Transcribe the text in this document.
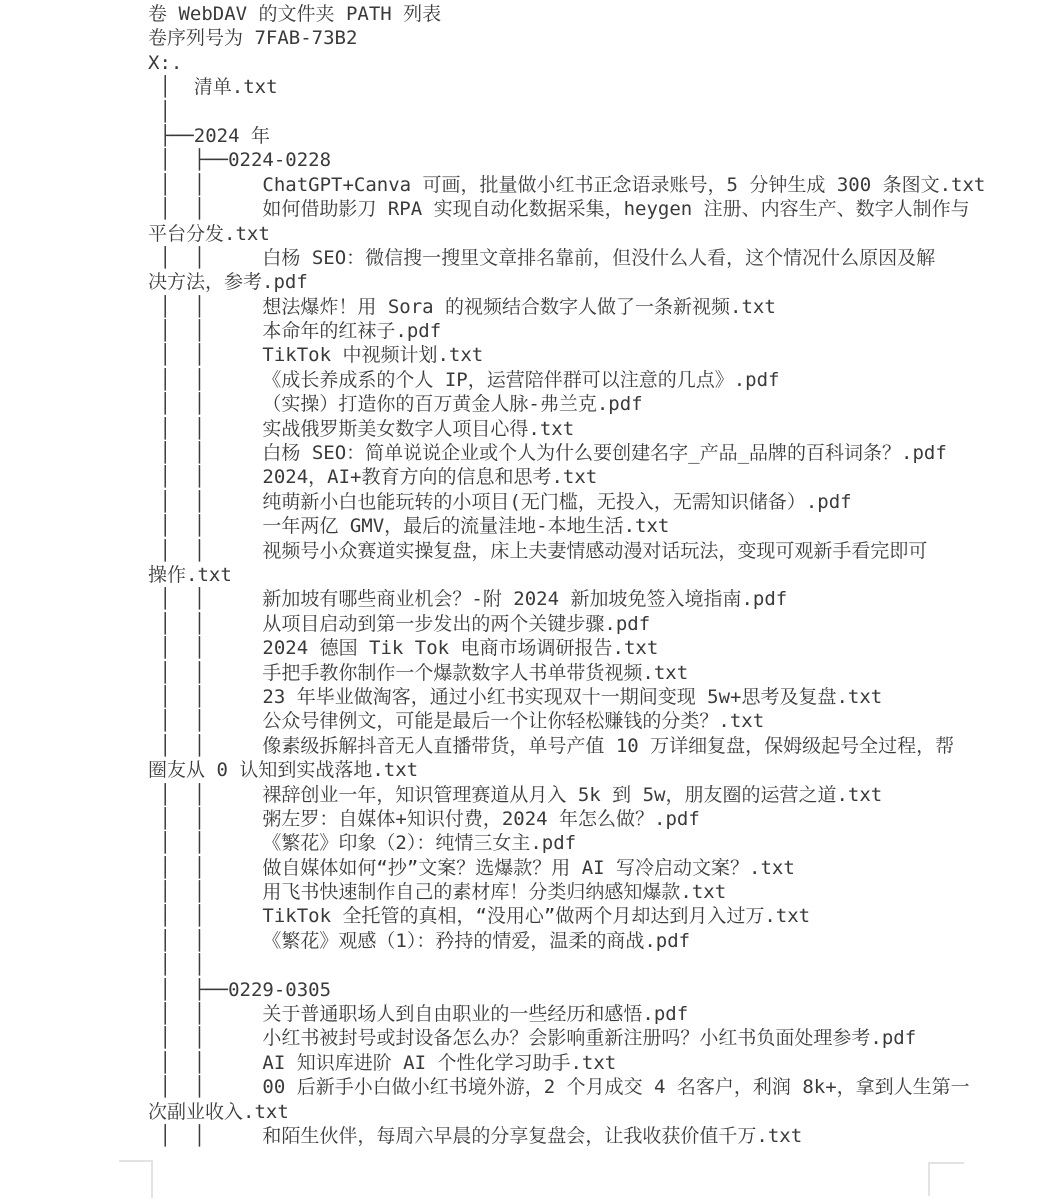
卷 WebDAV 的文件夹 PATH 列表
卷序列号为 7FAB-73B2
X:.
│  清单.txt
│
├──2024 年
│  ├──0224-0228
│  │     ChatGPT+Canva 可画，批量做小红书正念语录账号，5 分钟生成 300 条图文.txt
│  │     如何借助影刀 RPA 实现自动化数据采集，heygen 注册、内容生产、数字人制作与
平台分发.txt
│  │     白杨 SEO：微信搜一搜里文章排名靠前，但没什么人看，这个情况什么原因及解
决方法，参考.pdf
│  │     想法爆炸！用 Sora 的视频结合数字人做了一条新视频.txt
│  │     本命年的红袜子.pdf
│  │     TikTok 中视频计划.txt
│  │     《成长养成系的个人 IP，运营陪伴群可以注意的几点》.pdf
│  │     （实操）打造你的百万黄金人脉-弗兰克.pdf
│  │     实战俄罗斯美女数字人项目心得.txt
│  │     白杨 SEO：简单说说企业或个人为什么要创建名字_产品_品牌的百科词条？.pdf
│  │     2024，AI+教育方向的信息和思考.txt
│  │     纯萌新小白也能玩转的小项目(无门槛，无投入，无需知识储备）.pdf
│  │     一年两亿 GMV，最后的流量洼地-本地生活.txt
│  │     视频号小众赛道实操复盘，床上夫妻情感动漫对话玩法，变现可观新手看完即可
操作.txt
│  │     新加坡有哪些商业机会？-附 2024 新加坡免签入境指南.pdf
│  │     从项目启动到第一步发出的两个关键步骤.pdf
│  │     2024 德国 Tik Tok 电商市场调研报告.txt
│  │     手把手教你制作一个爆款数字人书单带货视频.txt
│  │     23 年毕业做淘客，通过小红书实现双十一期间变现 5w+思考及复盘.txt
│  │     公众号律例文，可能是最后一个让你轻松赚钱的分类？.txt
│  │     像素级拆解抖音无人直播带货，单号产值 10 万详细复盘，保姆级起号全过程，帮
圈友从 0 认知到实战落地.txt
│  │     裸辞创业一年，知识管理赛道从月入 5k 到 5w，朋友圈的运营之道.txt
│  │     粥左罗：自媒体+知识付费，2024 年怎么做？.pdf
│  │     《繁花》印象（2）：纯情三女主.pdf
│  │     做自媒体如何“抄”文案？选爆款？用 AI 写冷启动文案？.txt
│  │     用飞书快速制作自己的素材库！分类归纳感知爆款.txt
│  │     TikTok 全托管的真相，“没用心”做两个月却达到月入过万.txt
│  │     《繁花》观感（1）：矜持的情爱，温柔的商战.pdf
│  │
│  ├──0229-0305
│  │     关于普通职场人到自由职业的一些经历和感悟.pdf
│  │     小红书被封号或封设备怎么办？会影响重新注册吗？小红书负面处理参考.pdf
│  │     AI 知识库进阶 AI 个性化学习助手.txt
│  │     00 后新手小白做小红书境外游，2 个月成交 4 名客户，利润 8k+，拿到人生第一
次副业收入.txt
│  │     和陌生伙伴，每周六早晨的分享复盘会，让我收获价值千万.txt
